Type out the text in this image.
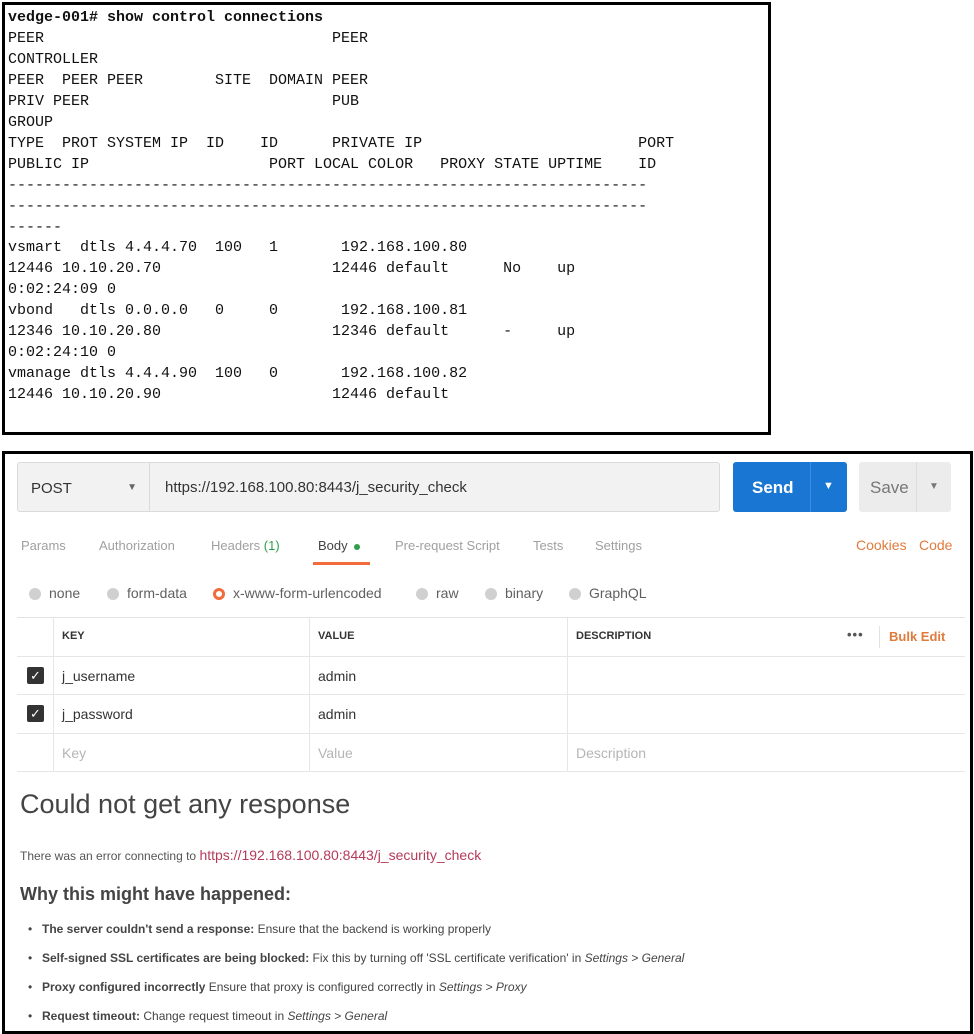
vedge-001# show control connections
PEER                                PEER
CONTROLLER
PEER  PEER PEER        SITE  DOMAIN PEER
PRIV PEER                           PUB
GROUP
TYPE  PROT SYSTEM IP  ID    ID      PRIVATE IP                        PORT
PUBLIC IP                    PORT LOCAL COLOR   PROXY STATE UPTIME    ID
-----------------------------------------------------------------------
-----------------------------------------------------------------------
------
vsmart  dtls 4.4.4.70  100   1       192.168.100.80
12446 10.10.20.70                   12446 default      No    up
0:02:24:09 0
vbond   dtls 0.0.0.0   0     0       192.168.100.81
12346 10.10.20.80                   12346 default      -     up
0:02:24:10 0
vmanage dtls 4.4.4.90  100   0       192.168.100.82
12446 10.10.20.90                   12446 default
POST	▼ https://192.168.100.80:8443/j_security_check	Send	▼ Save ▼
Params	Authorization	Headers (1)	Body	Pre-request Script	Tests Settings	Cookies Code
none	form-data	x-www-form-urlencoded	raw	binary	GraphQL
KEY	VALUE	DESCRIPTION	••• Bulk Edit
✓ j_username	admin
✓ j_password	admin
Key	Value	Description
Could not get any response
There was an error connecting to https://192.168.100.80:8443/j_security_check
Why this might have happened:
• The server couldn't send a response: Ensure that the backend is working properly
• Self-signed SSL certificates are being blocked: Fix this by turning off 'SSL certificate verification' in Settings > General
• Proxy configured incorrectly Ensure that proxy is configured correctly in Settings > Proxy
• Request timeout: Change request timeout in Settings > General
